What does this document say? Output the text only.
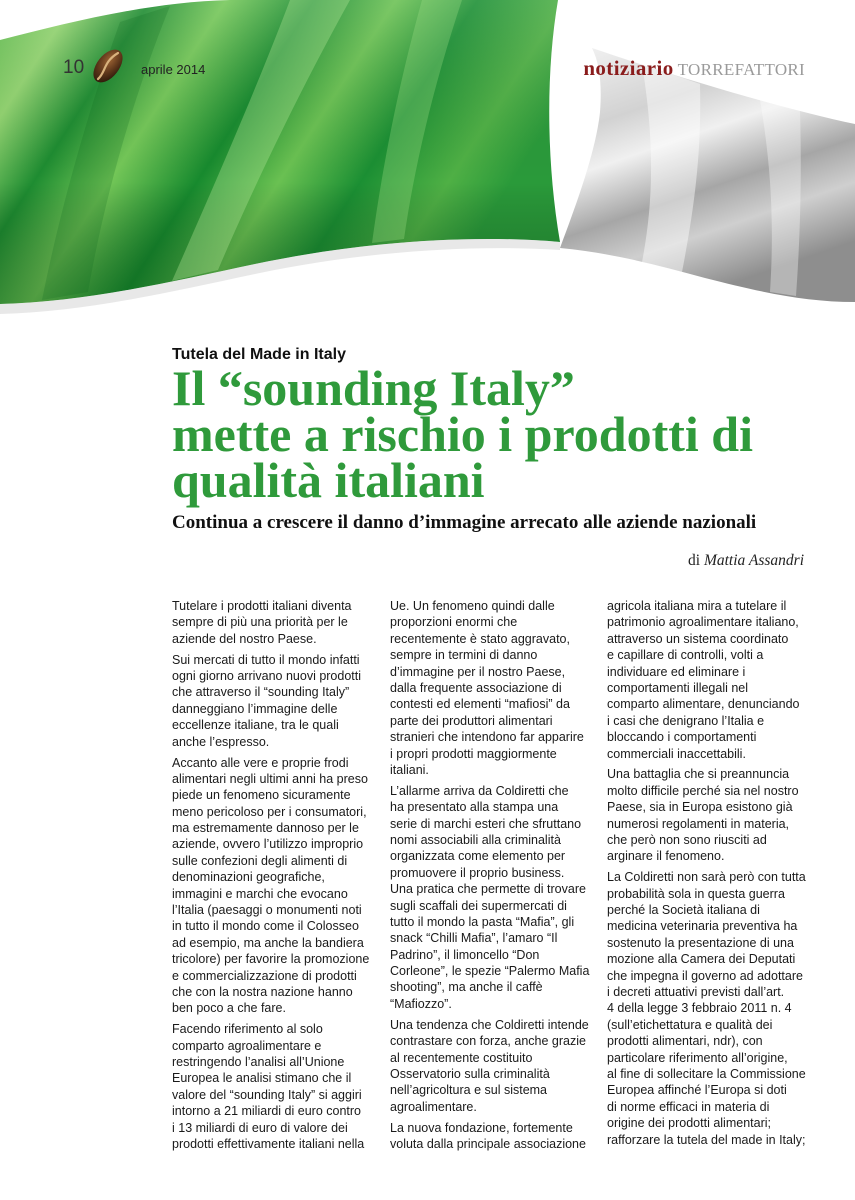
10	aprile 2014	notiziario TORREFATTORI
Tutela del Made in Italy
Il “sounding Italy”
mette a rischio i prodotti di
qualità italiani
Continua a crescere il danno d’immagine arrecato alle aziende nazionali
di Mattia Assandri
Tutelare i prodotti italiani diventa
sempre di più una priorità per le
aziende del nostro Paese.
Sui mercati di tutto il mondo infatti
ogni giorno arrivano nuovi prodotti
che attraverso il “sounding Italy”
danneggiano l’immagine delle
eccellenze italiane, tra le quali
anche l’espresso.
Accanto alle vere e proprie frodi
alimentari negli ultimi anni ha preso
piede un fenomeno sicuramente
meno pericoloso per i consumatori,
ma estremamente dannoso per le
aziende, ovvero l’utilizzo improprio
sulle confezioni degli alimenti di
denominazioni geografiche,
immagini e marchi che evocano
l’Italia (paesaggi o monumenti noti
in tutto il mondo come il Colosseo
ad esempio, ma anche la bandiera
tricolore) per favorire la promozione
e commercializzazione di prodotti
che con la nostra nazione hanno
ben poco a che fare.
Facendo riferimento al solo
comparto agroalimentare e
restringendo l’analisi all’Unione
Europea le analisi stimano che il
valore del “sounding Italy” si aggiri
intorno a 21 miliardi di euro contro
i 13 miliardi di euro di valore dei
prodotti effettivamente italiani nella
Ue. Un fenomeno quindi dalle
proporzioni enormi che
recentemente è stato aggravato,
sempre in termini di danno
d’immagine per il nostro Paese,
dalla frequente associazione di
contesti ed elementi “mafiosi” da
parte dei produttori alimentari
stranieri che intendono far apparire
i propri prodotti maggiormente
italiani.
L’allarme arriva da Coldiretti che
ha presentato alla stampa una
serie di marchi esteri che sfruttano
nomi associabili alla criminalità
organizzata come elemento per
promuovere il proprio business.
Una pratica che permette di trovare
sugli scaffali dei supermercati di
tutto il mondo la pasta “Mafia”, gli
snack “Chilli Mafia”, l’amaro “Il
Padrino”, il limoncello “Don
Corleone”, le spezie “Palermo Mafia
shooting”, ma anche il caffè
“Mafiozzo”.
Una tendenza che Coldiretti intende
contrastare con forza, anche grazie
al recentemente costituito
Osservatorio sulla criminalità
nell’agricoltura e sul sistema
agroalimentare.
La nuova fondazione, fortemente
voluta dalla principale associazione
agricola italiana mira a tutelare il
patrimonio agroalimentare italiano,
attraverso un sistema coordinato
e capillare di controlli, volti a
individuare ed eliminare i
comportamenti illegali nel
comparto alimentare, denunciando
i casi che denigrano l’Italia e
bloccando i comportamenti
commerciali inaccettabili.
Una battaglia che si preannuncia
molto difficile perché sia nel nostro
Paese, sia in Europa esistono già
numerosi regolamenti in materia,
che però non sono riusciti ad
arginare il fenomeno.
La Coldiretti non sarà però con tutta
probabilità sola in questa guerra
perché la Società italiana di
medicina veterinaria preventiva ha
sostenuto la presentazione di una
mozione alla Camera dei Deputati
che impegna il governo ad adottare
i decreti attuativi previsti dall’art.
4 della legge 3 febbraio 2011 n. 4
(sull’etichettatura e qualità dei
prodotti alimentari, ndr), con
particolare riferimento all’origine,
al fine di sollecitare la Commissione
Europea affinché l’Europa si doti
di norme efficaci in materia di
origine dei prodotti alimentari;
rafforzare la tutela del made in Italy;
